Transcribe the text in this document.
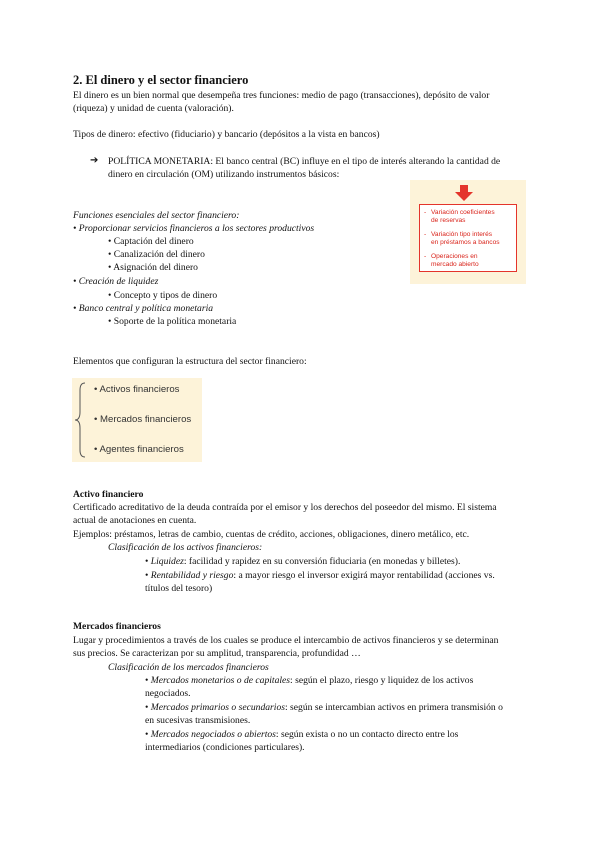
2. El dinero y el sector financiero
El dinero es un bien normal que desempeña tres funciones: medio de pago (transacciones), depósito de valor
(riqueza) y unidad de cuenta (valoración).
Tipos de dinero: efectivo (fiduciario) y bancario (depósitos a la vista en bancos)
➔ POLÍTICA MONETARIA: El banco central (BC) influye en el tipo de interés alterando la cantidad de
dinero en circulación (OM) utilizando instrumentos básicos:
- Variación coeficientes
de reservas
- Variación tipo interés
en préstamos a bancos
- Operaciones en
mercado abierto
Funciones esenciales del sector financiero:
• Proporcionar servicios financieros a los sectores productivos
• Captación del dinero
• Canalización del dinero
• Asignación del dinero
• Creación de liquidez
• Concepto y tipos de dinero
• Banco central y política monetaria
• Soporte de la política monetaria
Elementos que configuran la estructura del sector financiero:
• Activos financieros
• Mercados financieros
• Agentes financieros
Activo financiero
Certificado acreditativo de la deuda contraída por el emisor y los derechos del poseedor del mismo. El sistema
actual de anotaciones en cuenta.
Ejemplos: préstamos, letras de cambio, cuentas de crédito, acciones, obligaciones, dinero metálico, etc.
Clasificación de los activos financieros:
• Liquidez: facilidad y rapidez en su conversión fiduciaria (en monedas y billetes).
• Rentabilidad y riesgo: a mayor riesgo el inversor exigirá mayor rentabilidad (acciones vs.
títulos del tesoro)
Mercados financieros
Lugar y procedimientos a través de los cuales se produce el intercambio de activos financieros y se determinan
sus precios. Se caracterizan por su amplitud, transparencia, profundidad …
Clasificación de los mercados financieros
• Mercados monetarios o de capitales: según el plazo, riesgo y liquidez de los activos
negociados.
• Mercados primarios o secundarios: según se intercambian activos en primera transmisión o
en sucesivas transmisiones.
• Mercados negociados o abiertos: según exista o no un contacto directo entre los
intermediarios (condiciones particulares).
